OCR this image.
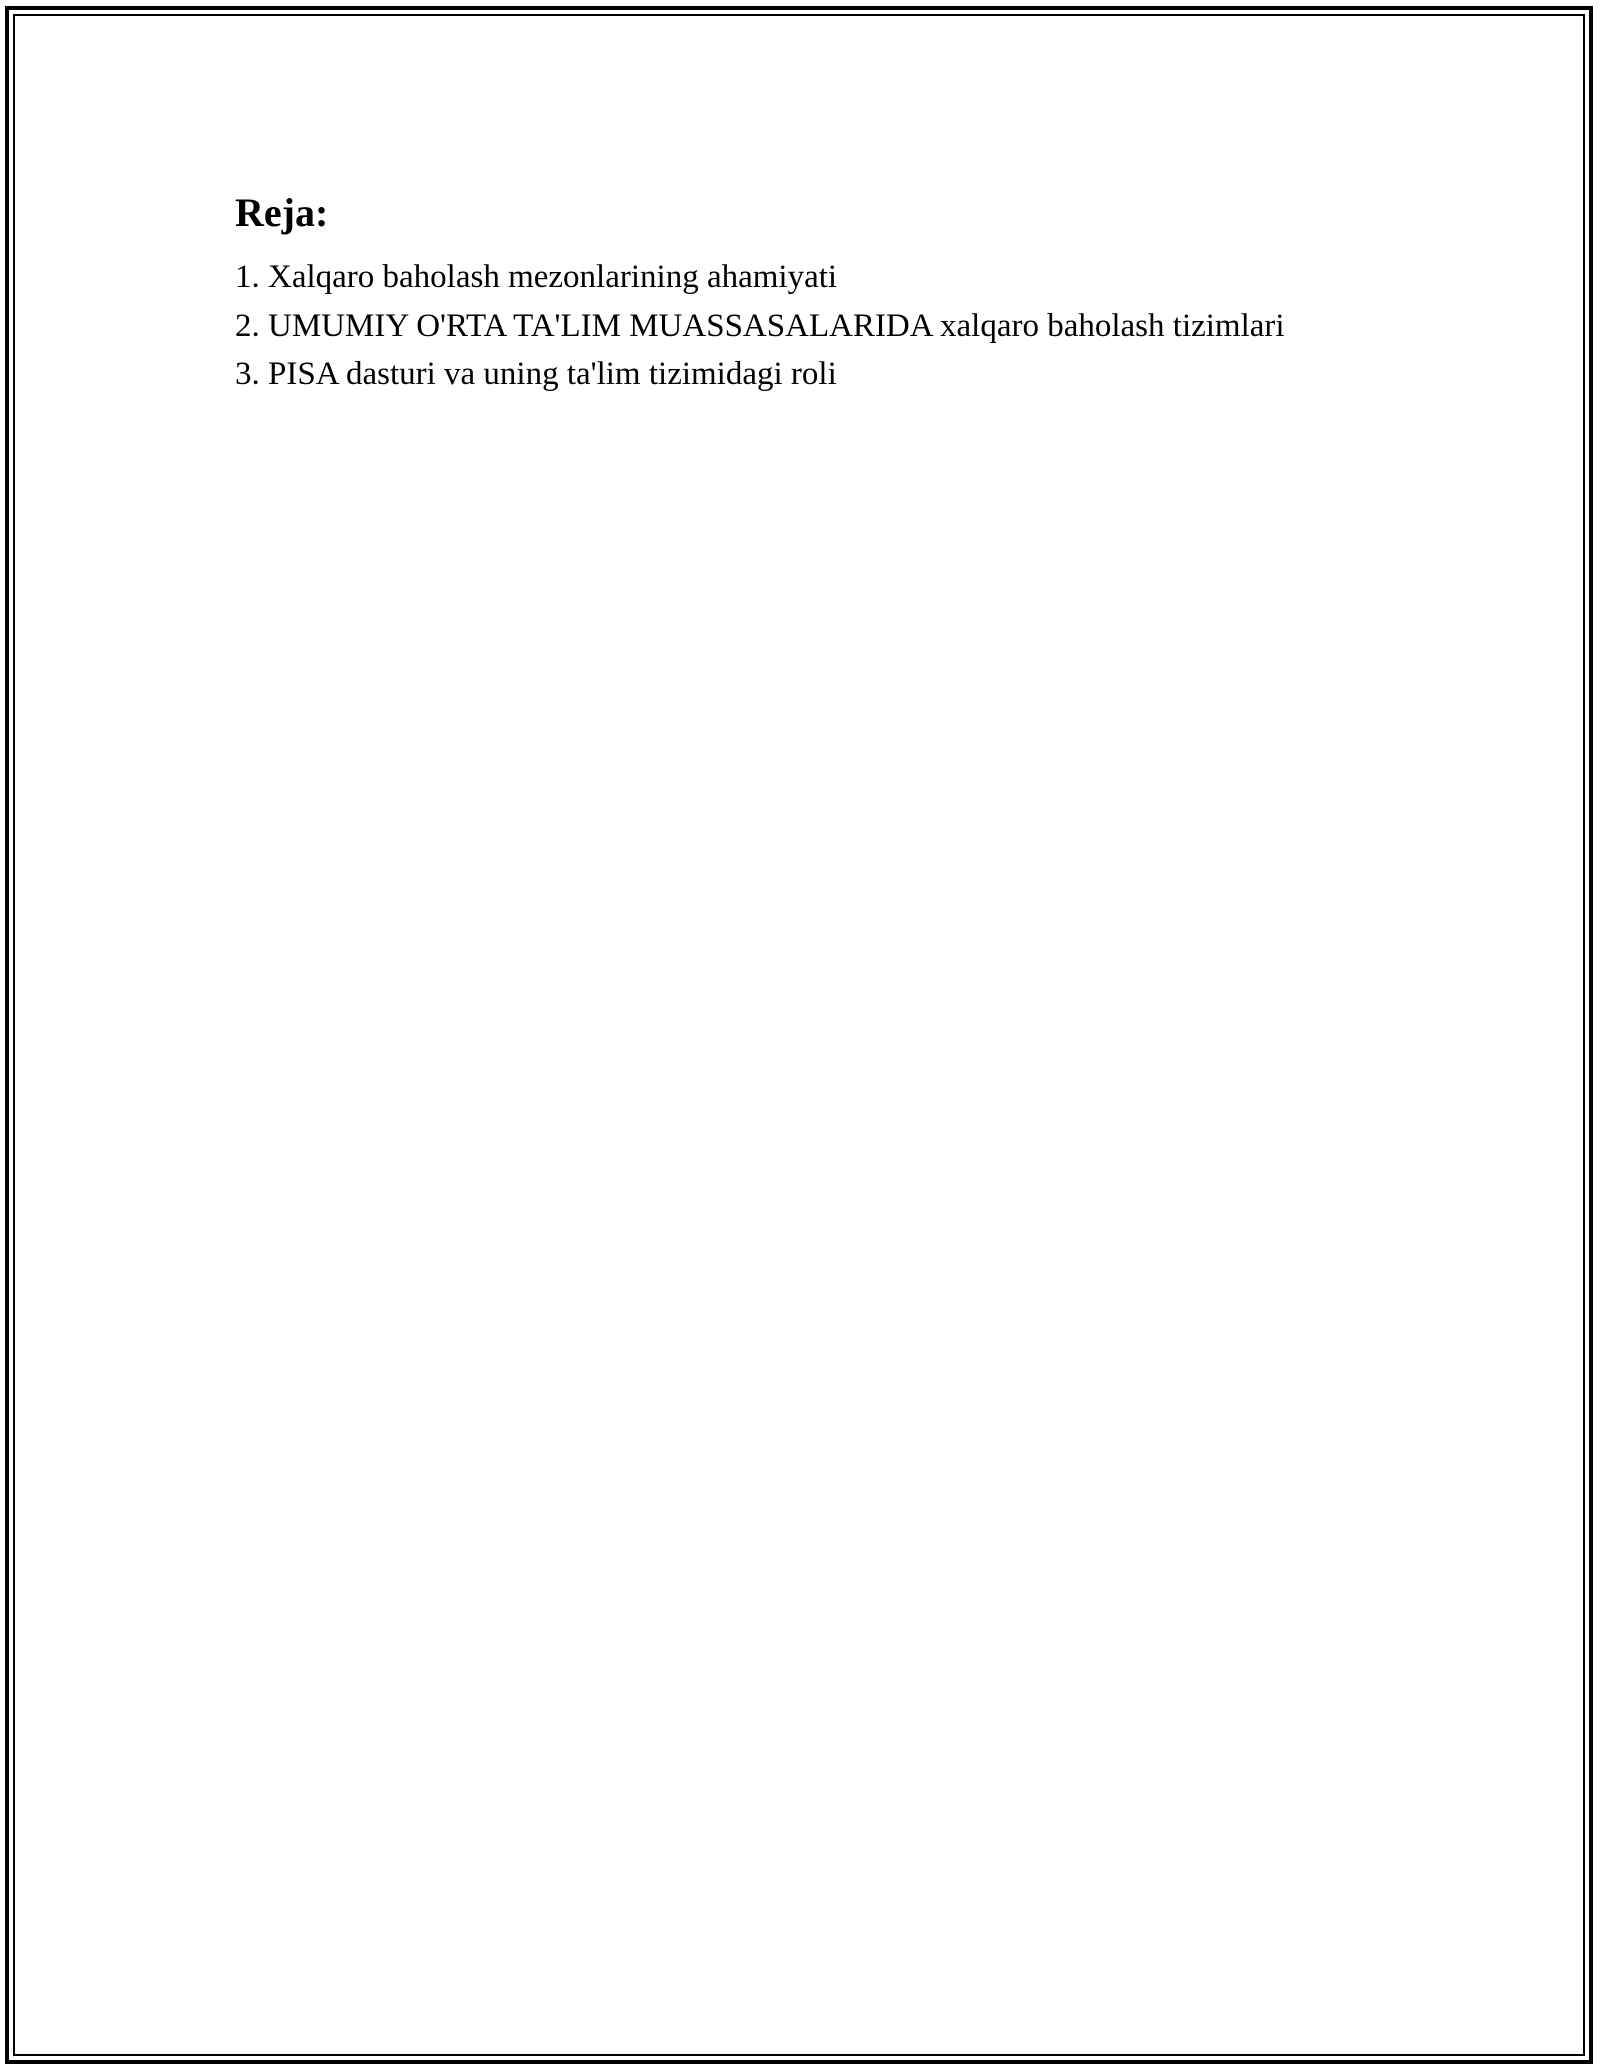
Reja:
1. Xalqaro baholash mezonlarining ahamiyati
2. UMUMIY O'RTA TA'LIM MUASSASALARIDA xalqaro baholash tizimlari
3. PISA dasturi va uning ta'lim tizimidagi roli
